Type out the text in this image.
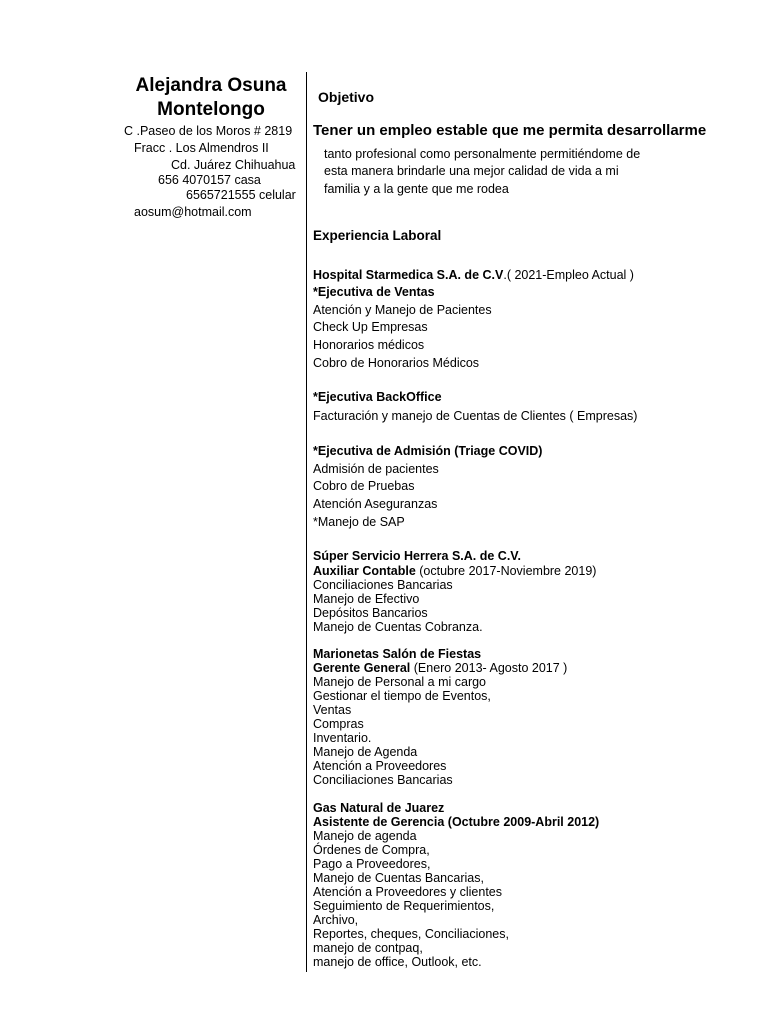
Alejandra Osuna
Montelongo
C .Paseo de los Moros # 2819
Fracc . Los Almendros II
Cd. Juárez Chihuahua
656 4070157 casa
6565721555 celular
aosum@hotmail.com
Objetivo
Tener un empleo estable que me permita desarrollarme
tanto profesional como personalmente permitiéndome de
esta manera brindarle una mejor calidad de vida a mi
familia y a la gente que me rodea
Experiencia Laboral
Hospital Starmedica S.A. de C.V.( 2021-Empleo Actual )
*Ejecutiva de Ventas
Atención y Manejo de Pacientes
Check Up Empresas
Honorarios médicos
Cobro de Honorarios Médicos
*Ejecutiva BackOffice
Facturación y manejo de Cuentas de Clientes ( Empresas)
*Ejecutiva de Admisión (Triage COVID)
Admisión de pacientes
Cobro de Pruebas
Atención Aseguranzas
*Manejo de SAP
Súper Servicio Herrera S.A. de C.V.
Auxiliar Contable (octubre 2017-Noviembre 2019)
Conciliaciones Bancarias
Manejo de Efectivo
Depósitos Bancarios
Manejo de Cuentas Cobranza.
Marionetas Salón de Fiestas
Gerente General (Enero 2013- Agosto 2017 )
Manejo de Personal a mi cargo
Gestionar el tiempo de Eventos,
Ventas
Compras
Inventario.
Manejo de Agenda
Atención a Proveedores
Conciliaciones Bancarias
Gas Natural de Juarez
Asistente de Gerencia (Octubre 2009-Abril 2012)
Manejo de agenda
Órdenes de Compra,
Pago a Proveedores,
Manejo de Cuentas Bancarias,
Atención a Proveedores y clientes
Seguimiento de Requerimientos,
Archivo,
Reportes, cheques, Conciliaciones,
manejo de contpaq,
manejo de office, Outlook, etc.
